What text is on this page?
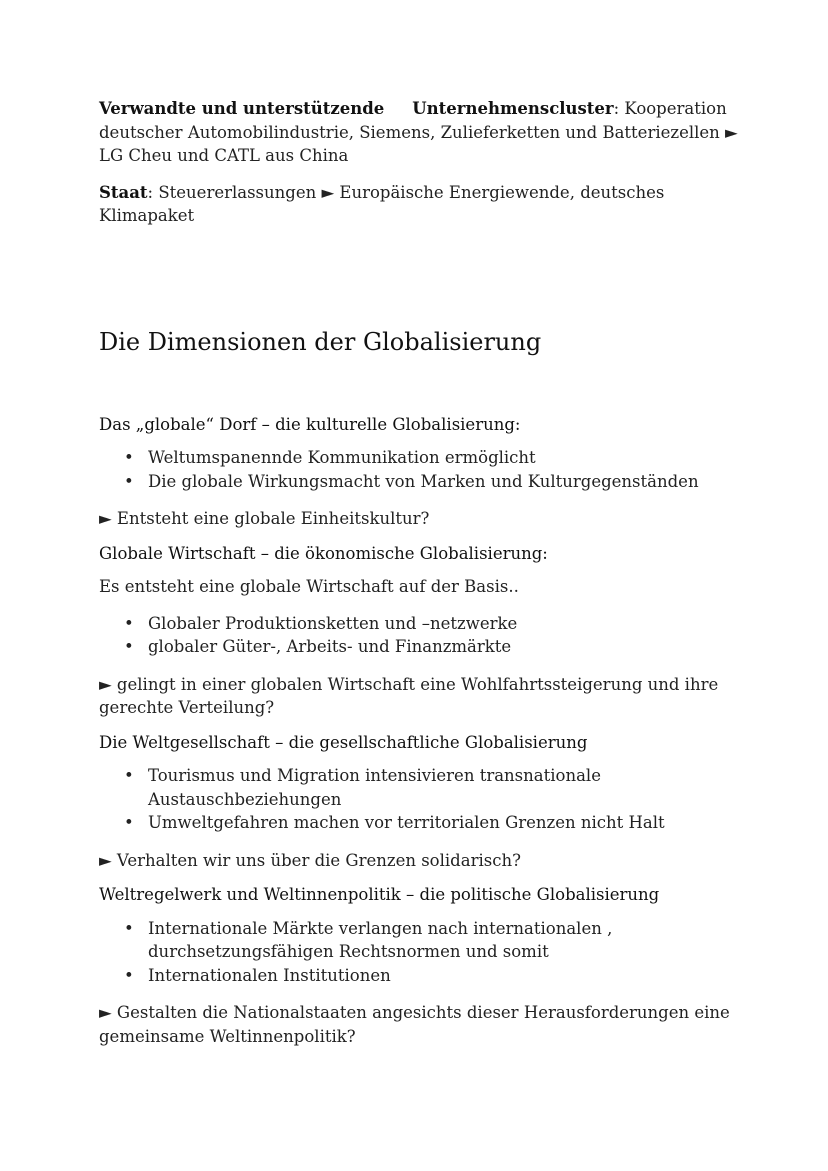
Verwandte und unterstützende Unternehmenscluster: Kooperation deutscher Automobilindustrie, Siemens, Zulieferketten und Batteriezellen ► LG Cheu und CATL aus China

Staat: Steuererlassungen ► Europäische Energiewende, deutsches Klimapaket

Die Dimensionen der Globalisierung
Das „globale“ Dorf – die kulturelle Globalisierung:
• Weltumspanennde Kommunikation ermöglicht
• Die globale Wirkungsmacht von Marken und Kulturgegenständen

► Entsteht eine globale Einheitskultur?

Globale Wirtschaft – die ökonomische Globalisierung:

Es entsteht eine globale Wirtschaft auf der Basis..

• Globaler Produktionsketten und –netzwerke
• globaler Güter-, Arbeits- und Finanzmärkte

► gelingt in einer globalen Wirtschaft eine Wohlfahrtssteigerung und ihre gerechte Verteilung?

Die Weltgesellschaft – die gesellschaftliche Globalisierung
• Tourismus und Migration intensivieren transnationale Austauschbeziehungen
• Umweltgefahren machen vor territorialen Grenzen nicht Halt

► Verhalten wir uns über die Grenzen solidarisch?

Weltregelwerk und Weltinnenpolitik – die politische Globalisierung
• Internationale Märkte verlangen nach internationalen , durchsetzungsfähigen Rechtsnormen und somit
• Internationalen Institutionen

► Gestalten die Nationalstaaten angesichts dieser Herausforderungen eine gemeinsame Weltinnenpolitik?
